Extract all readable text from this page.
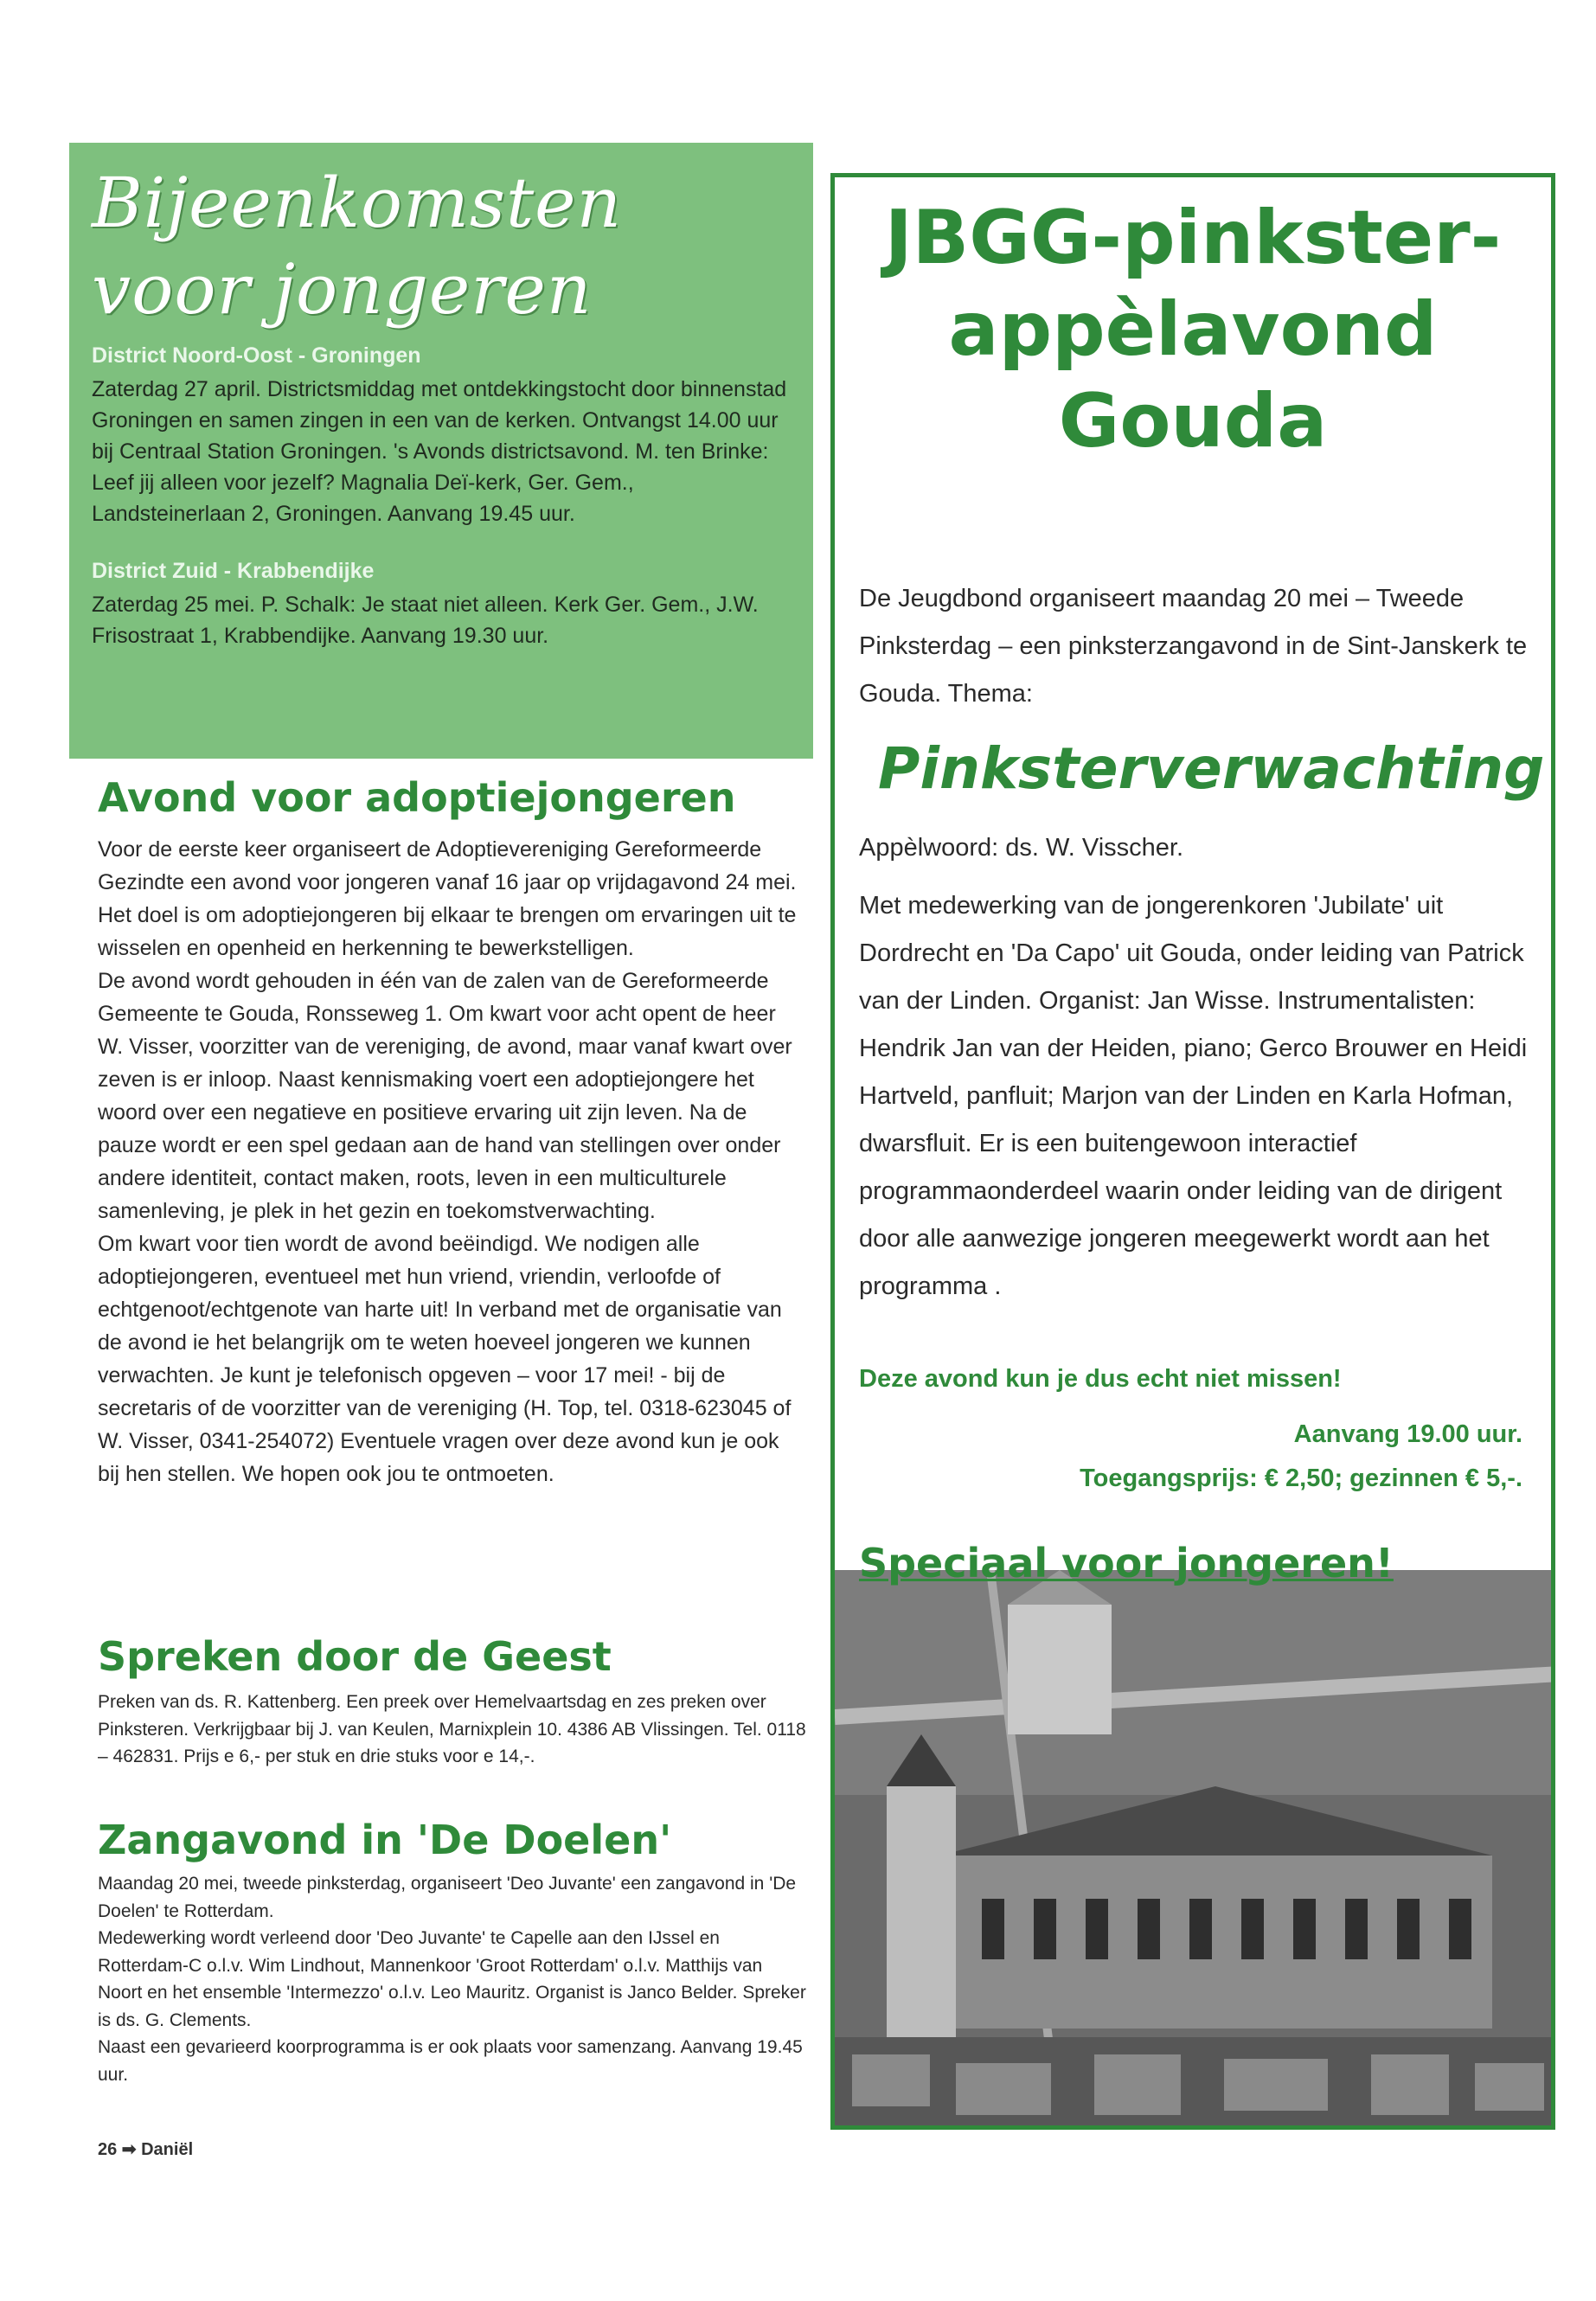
Bijeenkomsten voor jongeren
District Noord-Oost - Groningen

Zaterdag 27 april. Districtsmiddag met ontdekkingstocht door binnenstad Groningen en samen zingen in een van de kerken. Ontvangst 14.00 uur bij Centraal Station Groningen. 's Avonds districtsavond. M. ten Brinke: Leef jij alleen voor jezelf? Magnalia Deï-kerk, Ger. Gem., Landsteinerlaan 2, Groningen. Aanvang 19.45 uur.

District Zuid - Krabbendijke

Zaterdag 25 mei. P. Schalk: Je staat niet alleen. Kerk Ger. Gem., J.W. Frisostraat 1, Krabbendijke. Aanvang 19.30 uur.

Avond voor adoptiejongeren

Voor de eerste keer organiseert de Adoptievereniging Gereformeerde Gezindte een avond voor jongeren vanaf 16 jaar op vrijdagavond 24 mei. Het doel is om adoptiejongeren bij elkaar te brengen om ervaringen uit te wisselen en openheid en herkenning te bewerkstelligen.

De avond wordt gehouden in één van de zalen van de Gereformeerde Gemeente te Gouda, Ronsseweg 1. Om kwart voor acht opent de heer W. Visser, voorzitter van de vereniging, de avond, maar vanaf kwart over zeven is er inloop. Naast kennismaking voert een adoptiejongere het woord over een negatieve en positieve ervaring uit zijn leven. Na de pauze wordt er een spel gedaan aan de hand van stellingen over onder andere identiteit, contact maken, roots, leven in een multiculturele samenleving, je plek in het gezin en toekomstverwachting.

Om kwart voor tien wordt de avond beëindigd. We nodigen alle adoptiejongeren, eventueel met hun vriend, vriendin, verloofde of echtgenoot/echtgenote van harte uit! In verband met de organisatie van de avond ie het belangrijk om te weten hoeveel jongeren we kunnen verwachten. Je kunt je telefonisch opgeven – voor 17 mei! - bij de secretaris of de voorzitter van de vereniging (H. Top, tel. 0318-623045 of W. Visser, 0341-254072) Eventuele vragen over deze avond kun je ook bij hen stellen. We hopen ook jou te ontmoeten.

Spreken door de Geest

Preken van ds. R. Kattenberg. Een preek over Hemelvaartsdag en zes preken over Pinksteren. Verkrijgbaar bij J. van Keulen, Marnixplein 10. 4386 AB Vlissingen. Tel. 0118 – 462831. Prijs e 6,- per stuk en drie stuks voor e 14,-.

Zangavond in 'De Doelen'

Maandag 20 mei, tweede pinksterdag, organiseert 'Deo Juvante' een zangavond in 'De Doelen' te Rotterdam.

Medewerking wordt verleend door 'Deo Juvante' te Capelle aan den IJssel en Rotterdam-C o.l.v. Wim Lindhout, Mannenkoor 'Groot Rotterdam' o.l.v. Matthijs van Noort en het ensemble 'Intermezzo' o.l.v. Leo Mauritz. Organist is Janco Belder. Spreker is ds. G. Clements.

Naast een gevarieerd koorprogramma is er ook plaats voor samenzang. Aanvang 19.45 uur.

26 ➡ Daniël
JBGG-pinkster-
appèlavond
Gouda

De Jeugdbond organiseert maandag 20 mei – Tweede Pinksterdag – een pinksterzangavond in de Sint-Janskerk te Gouda. Thema:

Pinksterverwachting

Appèlwoord: ds. W. Visscher.

Met medewerking van de jongerenkoren 'Jubilate' uit Dordrecht en 'Da Capo' uit Gouda, onder leiding van Patrick van der Linden. Organist: Jan Wisse. Instrumentalisten: Hendrik Jan van der Heiden, piano; Gerco Brouwer en Heidi Hartveld, panfluit; Marjon van der Linden en Karla Hofman, dwarsfluit. Er is een buitengewoon interactief programmaonderdeel waarin onder leiding van de dirigent door alle aanwezige jongeren meegewerkt wordt aan het programma .

Deze avond kun je dus echt niet missen!

Aanvang 19.00 uur.

Toegangsprijs: € 2,50; gezinnen € 5,-.

Speciaal voor jongeren!
